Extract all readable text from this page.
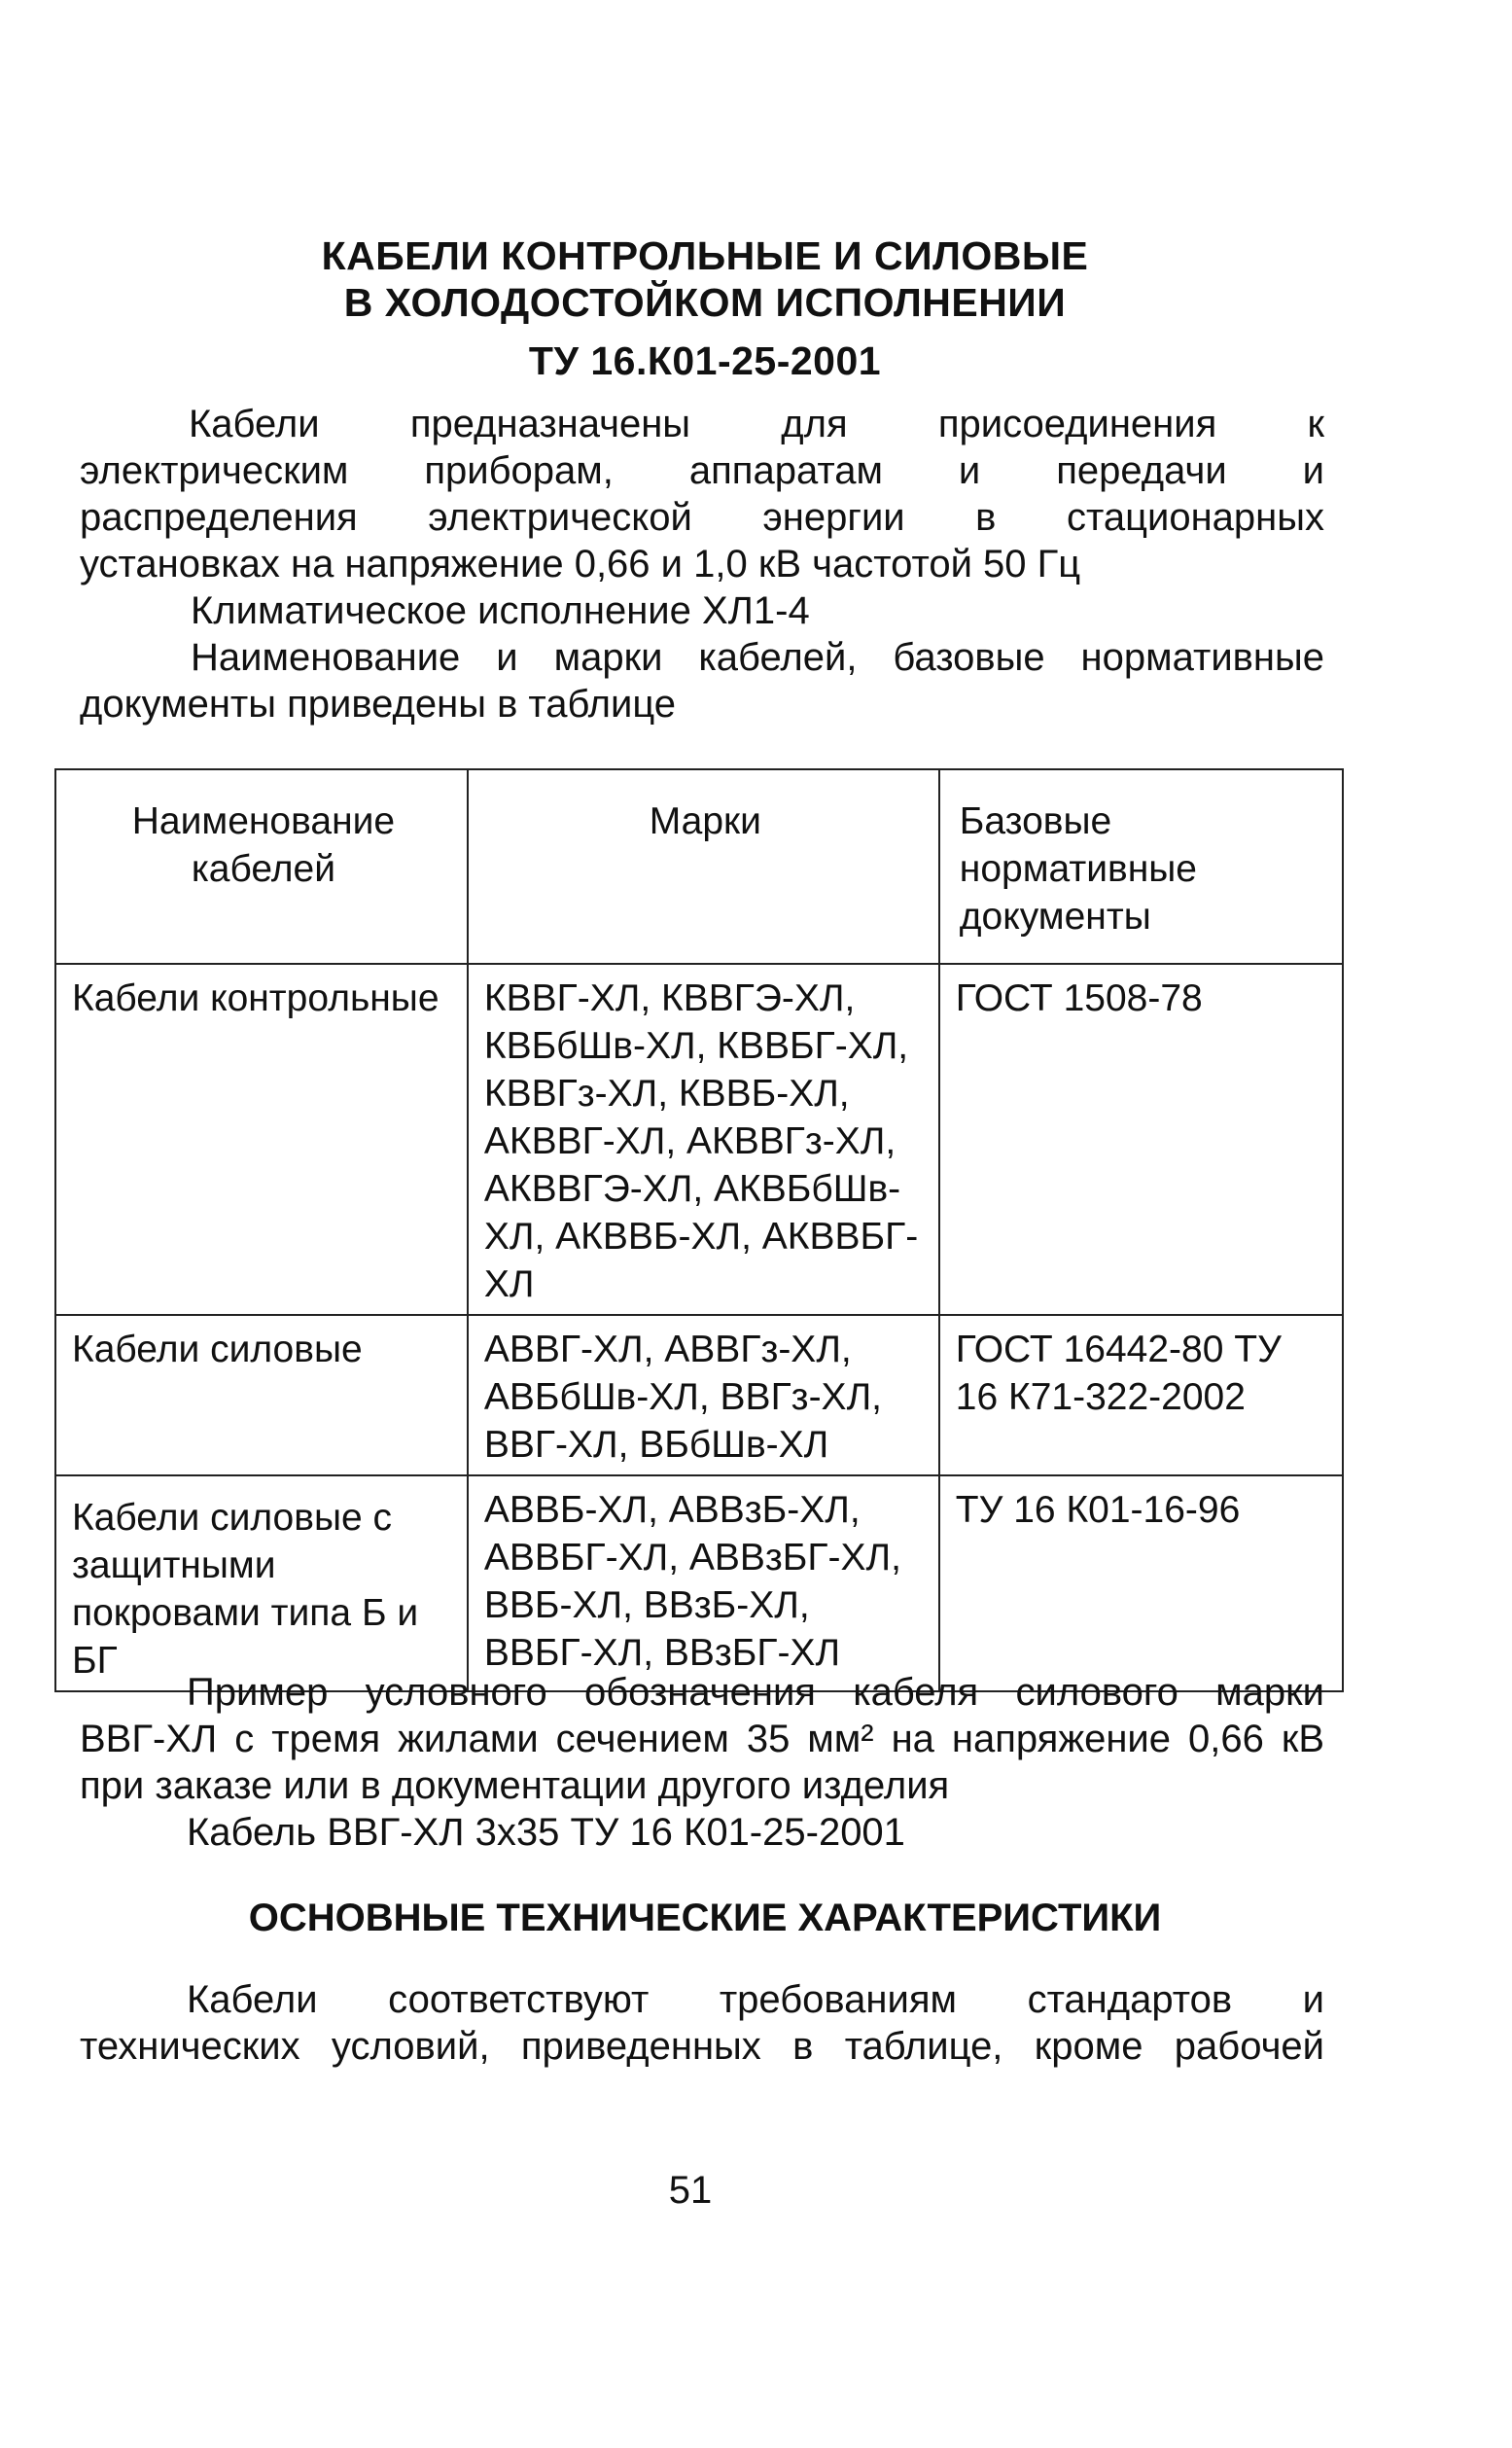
КАБЕЛИ КОНТРОЛЬНЫЕ И СИЛОВЫЕ
В ХОЛОДОСТОЙКОМ ИСПОЛНЕНИИ
ТУ 16.К01-25-2001
Кабели предназначены для присоединения к
электрическим приборам, аппаратам и передачи и
распределения электрической энергии в стационарных
установках на напряжение 0,66 и 1,0 кВ частотой 50 Гц
Климатическое исполнение ХЛ1-4
Наименование и марки кабелей, базовые нормативные
документы приведены в таблице
Наименование кабелей	Марки	Базовые нормативные документы
Кабели контрольные	КВВГ-ХЛ, КВВГЭ-ХЛ, КВБбШв-ХЛ, КВВБГ-ХЛ, КВВГз-ХЛ, КВВБ-ХЛ, АКВВГ-ХЛ, АКВВГз-ХЛ, АКВВГЭ-ХЛ, АКВБбШв-ХЛ, АКВВБ-ХЛ, АКВВБГ-ХЛ	ГОСТ 1508-78
Кабели силовые	АВВГ-ХЛ, АВВГз-ХЛ, АВБбШв-ХЛ, ВВГз-ХЛ, ВВГ-ХЛ, ВБбШв-ХЛ	ГОСТ 16442-80 ТУ 16 К71-322-2002
Кабели силовые с защитными покровами типа Б и БГ	АВВБ-ХЛ, АВВзБ-ХЛ, АВВБГ-ХЛ, АВВзБГ-ХЛ, ВВБ-ХЛ, ВВзБ-ХЛ, ВВБГ-ХЛ, ВВзБГ-ХЛ	ТУ 16 К01-16-96
Пример условного обозначения кабеля силового марки
ВВГ-ХЛ с тремя жилами сечением 35 мм² на напряжение 0,66 кВ
при заказе или в документации другого изделия
Кабель ВВГ-ХЛ 3х35 ТУ 16 К01-25-2001
ОСНОВНЫЕ ТЕХНИЧЕСКИЕ ХАРАКТЕРИСТИКИ
Кабели соответствуют требованиям стандартов и
технических условий, приведенных в таблице, кроме рабочей
51
